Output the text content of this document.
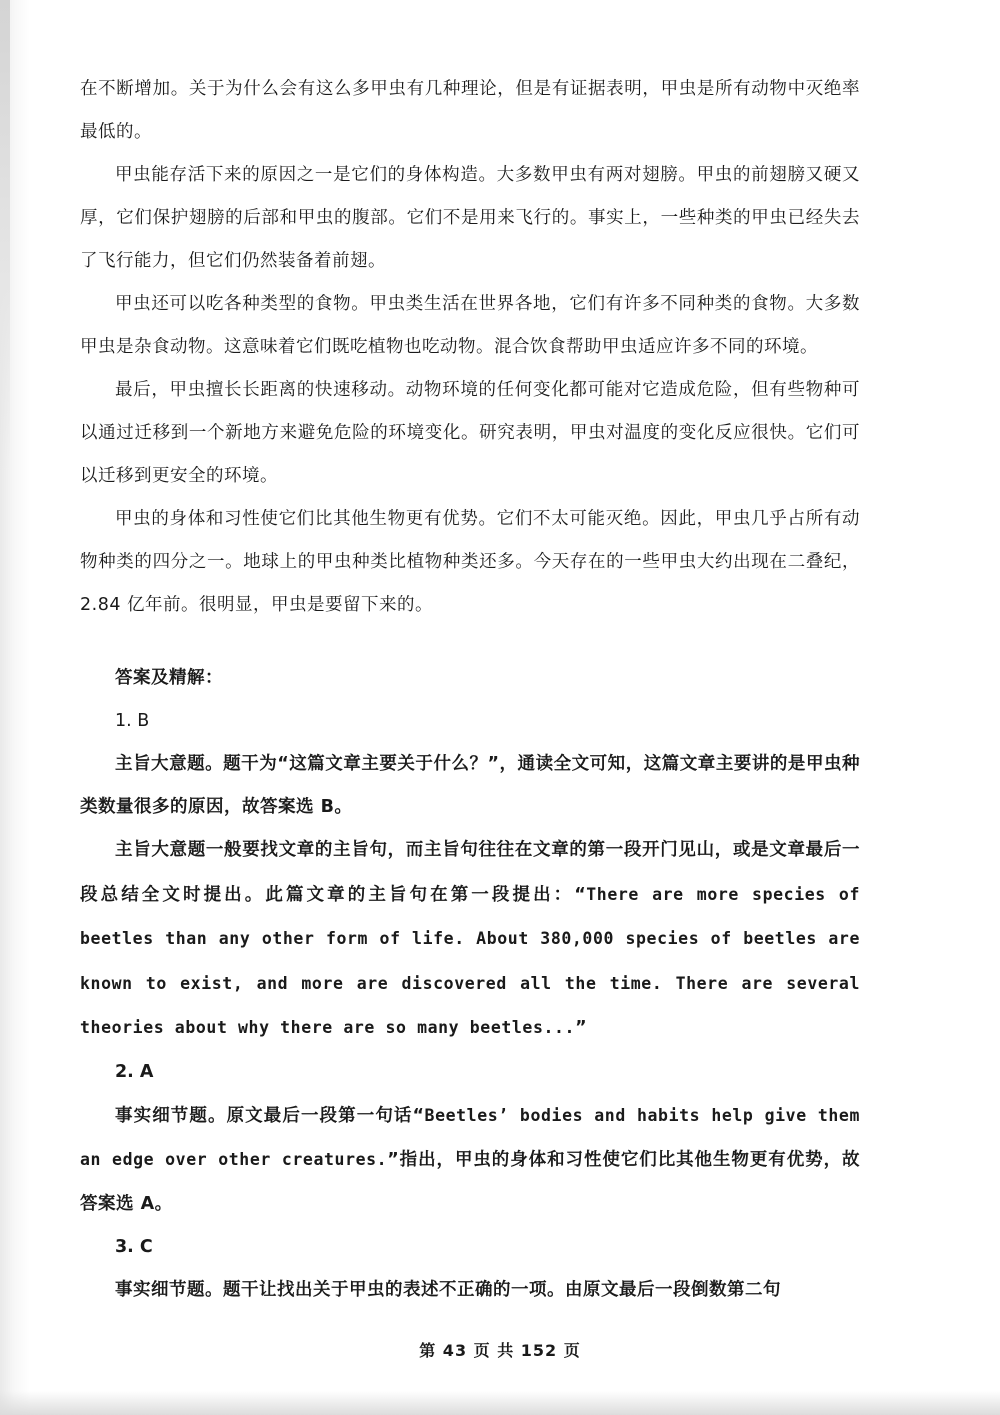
在不断增加。关于为什么会有这么多甲虫有几种理论，但是有证据表明，甲虫是所有动物中灭绝率最低的。

甲虫能存活下来的原因之一是它们的身体构造。大多数甲虫有两对翅膀。甲虫的前翅膀又硬又厚，它们保护翅膀的后部和甲虫的腹部。它们不是用来飞行的。事实上，一些种类的甲虫已经失去了飞行能力，但它们仍然装备着前翅。

甲虫还可以吃各种类型的食物。甲虫类生活在世界各地，它们有许多不同种类的食物。大多数甲虫是杂食动物。这意味着它们既吃植物也吃动物。混合饮食帮助甲虫适应许多不同的环境。

最后，甲虫擅长长距离的快速移动。动物环境的任何变化都可能对它造成危险，但有些物种可以通过迁移到一个新地方来避免危险的环境变化。研究表明，甲虫对温度的变化反应很快。它们可以迁移到更安全的环境。

甲虫的身体和习性使它们比其他生物更有优势。它们不太可能灭绝。因此，甲虫几乎占所有动物种类的四分之一。地球上的甲虫种类比植物种类还多。今天存在的一些甲虫大约出现在二叠纪，2.84 亿年前。很明显，甲虫是要留下来的。

答案及精解：

1. B

主旨大意题。题干为“这篇文章主要关于什么？”，通读全文可知，这篇文章主要讲的是甲虫种类数量很多的原因，故答案选 B。

主旨大意题一般要找文章的主旨句，而主旨句往往在文章的第一段开门见山，或是文章最后一段总结全文时提出。此篇文章的主旨句在第一段提出：“There are more species of beetles than any other form of life. About 380,000 species of beetles are known to exist, and more are discovered all the time. There are several theories about why there are so many beetles...”

2. A

事实细节题。原文最后一段第一句话“Beetles’ bodies and habits help give them an edge over other creatures.”指出，甲虫的身体和习性使它们比其他生物更有优势，故答案选 A。

3. C

事实细节题。题干让找出关于甲虫的表述不正确的一项。由原文最后一段倒数第二句

第 43 页 共 152 页
